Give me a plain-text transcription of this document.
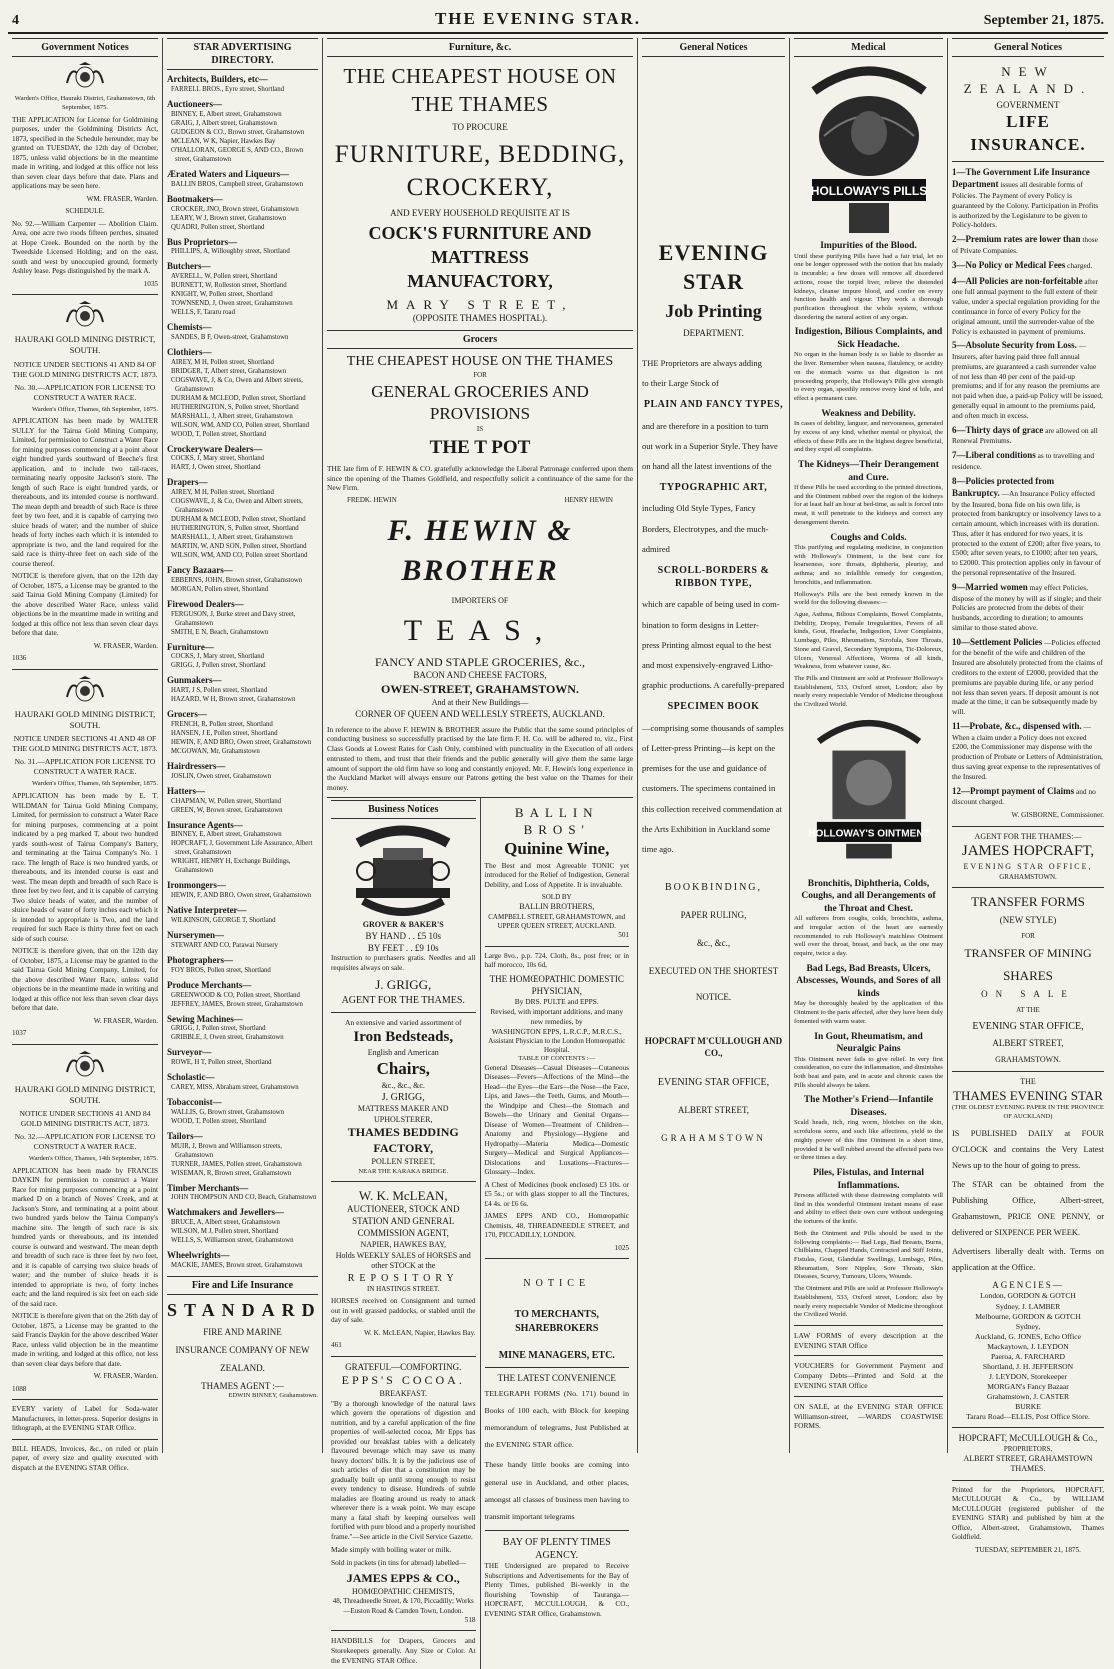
4	THE EVENING STAR.	September 21, 1875.
Government Notices

Warden's Office, Hauraki District, Grahamstown, 6th September, 1875.

THE APPLICATION for License for Goldmining purposes, under the Goldmining Districts Act, 1873, specified in the Schedule hereunder, may be granted on TUESDAY, the 12th day of October, 1875, unless valid objections be in the meantime made in writing, and lodged at this office not less than seven clear days before that date. Plans and applications may be seen here.

WM. FRASER, Warden.

SCHEDULE.

No. 92.—William Carpenter — Abolition Claim. Area, one acre two roods fifteen perches, situated at Hope Creek. Bounded on the north by the Tweedside Licensed Holding; and on the east, south and west by unoccupied ground, formerly Ashley lease. Pegs distinguished by the mark A.

1035

HAURAKI GOLD MINING DISTRICT, SOUTH.

NOTICE UNDER SECTIONS 41 AND 84 OF THE GOLD MINING DISTRICTS ACT, 1873.

No. 30.—APPLICATION FOR LICENSE TO CONSTRUCT A WATER RACE.

Warden's Office, Thames, 6th September, 1875.

APPLICATION has been made by WALTER SULLY for the Tairua Gold Mining Company, Limited, for permission to Construct a Water Race for mining purposes commencing at a point about eight hundred yards southward of Beeche's first application, and to include two tail-races, terminating nearly opposite Jackson's store. The length of such Race is eight hundred yards, or thereabouts, and its intended course is northward. The mean depth and breadth of such Race is three feet by two feet, and it is capable of carrying two sluice heads of water; and the number of sluice heads of forty inches each which it is intended to appropriate is two, and the land required for the said race is thirty-three feet on each side of the course thereof.

NOTICE is therefore given, that on the 12th day of October, 1875, a License may be granted to the said Tairua Gold Mining Company (Limited) for the above described Water Race, unless valid objections be in the meantime made in writing and lodged at this office not less than seven clear days before that date.

W. FRASER, Warden.

1036

HAURAKI GOLD MINING DISTRICT, SOUTH.

NOTICE UNDER SECTIONS 41 AND 48 OF THE GOLD MINING DISTRICTS ACT, 1873.

No. 31.—APPLICATION FOR LICENSE TO CONSTRUCT A WATER RACE.

Warden's Office, Thames, 6th September, 1875.

APPLICATION has been made by E. T. WILDMAN for Tairua Gold Mining Company, Limited, for permission to construct a Water Race for mining purposes, commencing at a point indicated by a peg marked T, about two hundred yards south-west of Tairua Company's Battery, and terminating at the Tairua Company's No. 1 race. The length of Race is two hundred yards, or thereabouts, and its intended course is east and west. The mean depth and breadth of such Race is three feet by two feet, and it is capable of carrying Two sluice heads of water, and the number of sluice heads of water of forty inches each which it is intended to appropriate is Two, and the land required for such Race is thirty three feet on each side of such course.

NOTICE is therefore given, that on the 12th day of October, 1875, a License may be granted to the said Tairua Gold Mining Company, Limited, for the above described Water Race, unless valid objections be in the meantime made in writing and lodged at this office not less than seven clear days before that date.

W. FRASER, Warden.

1037

HAURAKI GOLD MINING DISTRICT, SOUTH.

NOTICE UNDER SECTIONS 41 AND 84 GOLD MINING DISTRICTS ACT, 1873.

No. 32.—APPLICATION FOR LICENSE TO CONSTRUCT A WATER RACE.

Warden's Office, Thames, 14th September, 1875.

APPLICATION has been made by FRANCIS DAYKIN for permission to construct a Water Race for mining purposes commencing at a point marked D on a branch of Noves' Creek, and at Jackson's Store, and terminating at a point about two hundred yards below the Tairua Company's machine site. The length of such race is six hundred yards or thereabouts, and its intended course is outward and westward. The mean depth and breadth of such race is three feet by two feet, and it is capable of carrying two sluice heads of water; and the number of sluice heads it is intended to appropriate is two, of forty inches each; and the land required is six feet on each side of the said race.

NOTICE is therefore given that on the 26th day of October, 1875, a License may be granted to the said Francis Daykin for the above described Water Race, unless valid objection be in the meantime made in writing, and lodged at this office, not less than seven clear days before that date.

W. FRASER, Warden.

1088

EVERY variety of Label for Soda-water Manufacturers, in letter-press. Superior designs in lithograph, at the EVENING STAR Office.

BILL HEADS, Invoices, &c., on ruled or plain paper, of every size and quality executed with dispatch at the EVENING STAR Office.

STAR ADVERTISING DIRECTORY.
Architects, Builders, etc—
FARRELL BROS., Eyre street, Shortland
Auctioneers—
BINNEY, E, Albert street, Grahamstown
GRAIG, J, Albert street, Grahamstown
GUDGEON & CO., Brown street, Grahamstown
MCLEAN, W K, Napier, Hawkes Bay
O'HALLORAN, GEORGE S, AND CO., Brown street, Grahamstown
Ærated Waters and Liqueurs—
BALLIN BROS, Campbell street, Grahamstown
Bootmakers—
CROCKER, JNO, Brown street, Grahamstown
LEARY, W J, Brown street, Grahamstown
QUADRI, Pollen street, Shortland
Bus Proprietors—
PHILLIPS, A, Willoughby street, Shortland
Butchers—
AVERELL, W, Pollen street, Shortland
BURNETT, W, Rolleston street, Shortland
KNIGHT, W, Pollen street, Shortland
TOWNSEND, J, Owen street, Grahamstown
WELLS, F, Tararu road
Chemists—
SANDES, B F, Owen-street, Grahamstown
Clothiers—
AIREY, M H, Pollen street, Shortland
BRIDGER, T, Albert street, Grahamstown
COGSWAVE, J, & Co, Owen and Albert streets, Grahamstown
DURHAM & MCLEOD, Pollen street, Shortland
HUTHERINGTON, S, Pollen street, Shortland
MARSHALL, J, Albert street, Grahamstown
WILSON, WM, AND CO, Pollen street, Shortland
WOOD, T, Pollen street, Shortland
Crockeryware Dealers—
COCKS, J, Mary street, Shortland
HART, J, Owen street, Shortland
Drapers—
AIREY, M H, Pollen street, Shortland
COGSWAVE, J, & Co, Owen and Albert streets, Grahamstown
DURHAM & MCLEOD, Pollen street, Shortland
HUTHERINGTON, S, Pollen street, Shortland
MARSHALL, J, Albert street, Grahamstown
MARTIN, W, AND SON, Pollen street, Shortland
WILSON, WM, AND CO, Pollen street Shortland
Fancy Bazaars—
EBBERNS, JOHN, Brown street, Grahamstown
MORGAN, Pollen street, Shortland
Firewood Dealers—
FERGUSON, J, Burke street and Davy street, Grahamstown
SMITH, E N, Beach, Grahamstown
Furniture—
COCKS, J, Mary street, Shortland
GRIGG, J, Pollen street, Shortland
Gunmakers—
HART, J S, Pollen street, Shortland
HAZARD, W H, Brown street, Grahamstown
Grocers—
FRENCH, R, Pollen street, Shortland
HANSEN, J E, Pollen street, Shortland
HEWIN, F, AND BRO, Owen street, Grahamstown
MCGOWAN, Mr, Grahamstown
Hairdressers—
JOSLIN, Owen street, Grahamstown
Hatters—
CHAPMAN, W, Pollen street, Shortland
GREEN, W, Brown street, Grahamstown
Insurance Agents—
BINNEY, E, Albert street, Grahamstown
HOPCRAFT, J, Government Life Assurance, Albert street, Grahamstown
WRIGHT, HENRY H, Exchange Buildings, Grahamstown
Ironmongers—
HEWIN, F, AND BRO, Owen street, Grahamstown
Native Interpreter—
WILKINSON, GEORGE T, Shortland
Nurserymen—
STEWART AND CO, Parawai Nursery
Photographers—
FOY BROS, Pollen street, Shortland
Produce Merchants—
GREENWOOD & CO, Pollen street, Shortland
JEFFREY, JAMES, Brown street, Grahamstown
Sewing Machines—
GRIGG, J, Pollen street, Shortland
GRIBBLE, J, Owen street, Grahamstown
Surveyor—
ROWE, H T, Pollen street, Shortland
Scholastic—
CAREY, MISS, Abraham street, Grahamstown
Tobacconist—
WALLIS, G, Brown street, Grahamstown
WOOD, T, Pollen street, Shortland
Tailors—
MUIR, J, Brown and Williamson streets, Grahamstown
TURNER, JAMES, Pollen street, Grahamstown
WISEMAN, R, Brown street, Grahamstown
Timber Merchants—
JOHN THOMPSON AND CO, Beach, Grahamstown
Watchmakers and Jewellers—
BRUCE, A, Albert street, Grahamstown
WILSON, M J, Pollen street, Shortland
WELLS, S, Williamson street, Grahamstown
Wheelwrights—
MACKIE, JAMES, Brown street, Grahamstown
Fire and Life Insurance
STANDARD
FIRE AND MARINE
INSURANCE COMPANY OF NEW
ZEALAND.
THAMES AGENT :—
EDWIN BINNEY, Grahamstown.
Furniture, &c.
THE CHEAPEST HOUSE ON THE THAMES
TO PROCURE
FURNITURE, BEDDING, CROCKERY,
AND EVERY HOUSEHOLD REQUISITE AT IS
COCK'S FURNITURE AND MATTRESS
MANUFACTORY,
MARY STREET,
(OPPOSITE THAMES HOSPITAL).
Grocers
THE CHEAPEST HOUSE ON THE THAMES
FOR
GENERAL GROCERIES AND PROVISIONS
IS
THE T POT

THE late firm of F. HEWIN & CO. gratefully acknowledge the Liberal Patronage conferred upon them since the opening of the Thames Goldfield, and respectfully solicit a continuance of the same for the New Firm.

FREDK. HEWIN	HENRY HEWIN
F. HEWIN & BROTHER
IMPORTERS OF
TEAS,
FANCY AND STAPLE GROCERIES, &c.,
BACON AND CHEESE FACTORS,
OWEN-STREET, GRAHAMSTOWN.
And at their New Buildings—
CORNER OF QUEEN AND WELLESLY STREETS, AUCKLAND.

In reference to the above F. HEWIN & BROTHER assure the Public that the same sound principles of conducting business so successfully practised by the late firm F. H. Co. will be adhered to, viz., First Class Goods at Lowest Rates for Cash Only, combined with punctuality in the Execution of all orders entrusted to them, and trust that their friends and the public generally will give them the same large amount of support the old firm have so long and constantly enjoyed. Mr. F. Hewin's long experience in the Auckland Market will always ensure our Patrons getting the best value on the Thames for their money.

Business Notices
GROVER & BAKER'S
BY HAND . . £5 10s
BY FEET . . £9 10s

Instruction to purchasers gratis. Needles and all requisites always on sale.

J. GRIGG,
AGENT FOR THE THAMES.
An extensive and varied assortment of
Iron Bedsteads,
English and American
Chairs,
&c., &c., &c.
J. GRIGG,
MATTRESS MAKER AND UPHOLSTERER,
THAMES BEDDING FACTORY,
POLLEN STREET,
NEAR THE KARAKA BRIDGE.
W. K. McLEAN,
AUCTIONEER, STOCK AND STATION AND GENERAL COMMISSION AGENT,
NAPIER, HAWKES BAY,
Holds WEEKLY SALES of HORSES and other STOCK at the
REPOSITORY
IN HASTINGS STREET.

HORSES received on Consignment and turned out in well grassed paddocks, or stabled until the day of sale.

W. K. McLEAN, Napier, Hawkes Bay.

461

GRATEFUL—COMFORTING.
EPPS'S COCOA.
BREAKFAST.

"By a thorough knowledge of the natural laws which govern the operations of digestion and nutrition, and by a careful application of the fine properties of well-selected cocoa, Mr Epps has provided our breakfast tables with a delicately flavoured beverage which may save us many heavy doctors' bills. It is by the judicious use of such articles of diet that a constitution may be gradually built up until strong enough to resist every tendency to disease. Hundreds of subtle maladies are floating around us ready to attack wherever there is a weak point. We may escape many a fatal shaft by keeping ourselves well fortified with pure blood and a properly nourished frame."—See article in the Civil Service Gazette.

Made simply with boiling water or milk.

Sold in packets (in tins for abroad) labelled—

JAMES EPPS & CO.,
HOMŒOPATHIC CHEMISTS,
48, Threadneedle Street, & 170, Piccadilly; Works—Euston Road & Camden Town, London.

518

HANDBILLS for Drapers, Grocers and Storekeepers generally. Any Size or Color. At the EVENING STAR Office.

BALLIN BROS'
Quinine Wine,

The Best and most Agreeable TONIC yet introduced for the Relief of Indigestion, General Debility, and Loss of Appetite. It is invaluable.

SOLD BY
BALLIN BROTHERS,
CAMPBELL STREET, GRAHAMSTOWN, and UPPER QUEEN STREET, AUCKLAND.

501

Large 8vo., p.p. 724. Cloth, 8s., post free; or in half morocco, 10s 6d,

THE HOMŒOPATHIC DOMESTIC PHYSICIAN,
By DRS. PULTE and EPPS.
Revised, with important additions, and many new remedies, by
WASHINGTON EPPS, L.R.C.P., M.R.C.S.,
Assistant Physician to the London Homœopathic Hospital.
TABLE OF CONTENTS :—

General Diseases—Casual Diseases—Cutaneous Diseases—Fevers—Affections of the Mind—the Head—the Eyes—the Ears—the Nose—the Face, Lips, and Jaws—the Teeth, Gums, and Mouth—the Windpipe and Chest—the Stomach and Bowels—the Urinary and Genital Organs—Disease of Women—Treatment of Children—Anatomy and Physiology—Hygiene and Hydropathy—Materia Medica—Domestic Surgery—Medical and Surgical Appliances—Dislocations and Luxations—Fractures—Glossary—Index.

A Chest of Medicines (book enclosed) £3 10s. or £5 5s.; or with glass stopper to all the Tinctures, £4 4s. or £6 6s.

JAMES EPPS AND CO., Homœopathic Chemists, 48, THREADNEEDLE STREET, and 170, PICCADILLY, LONDON.

1025

NOTICE
TO MERCHANTS, SHAREBROKERS
MINE MANAGERS, ETC.
THE LATEST CONVENIENCE

TELEGRAPH FORMS (No. 171) bound in Books of 100 each, with Block for keeping memorandum of telegrams, Just Published at the EVENING STAR office.

These handy little books are coming into general use in Auckland, and other places, amongst all classes of business men having to transmit important telegrams

BAY OF PLENTY TIMES AGENCY.

THE Undersigned are prepared to Receive Subscriptions and Advertisements for the Bay of Plenty Times, published Bi-weekly in the flourishing Township of Tauranga.—HOPCRAFT, MCCULLOUGH, & CO., EVENING STAR Office, Grahamstown.

General Notices
EVENING STAR
Job Printing
DEPARTMENT.
THE Proprietors are always adding
to their Large Stock of
PLAIN AND FANCY TYPES,
and are therefore in a position to turn
out work in a Superior Style. They have
on hand all the latest inventions of the
TYPOGRAPHIC ART,
including Old Style Types, Fancy
Borders, Electrotypes, and the much-
admired
SCROLL-BORDERS & RIBBON TYPE,
which are capable of being used in com-
bination to form designs in Letter-
press Printing almost equal to the best
and most expensively-engraved Litho-
graphic productions. A carefully-prepared
SPECIMEN BOOK
—comprising some thousands of samples
of Letter-press Printing—is kept on the
premises for the use and guidance of
customers. The specimens contained in
this collection received commendation at
the Arts Exhibition in Auckland some
time ago.
BOOKBINDING,
PAPER RULING,
&c., &c.,
EXECUTED ON THE SHORTEST
NOTICE.
HOPCRAFT M'CULLOUGH AND CO.,
EVENING STAR OFFICE,
ALBERT STREET,
GRAHAMSTOWN
Medical
HOLLOWAY'S PILLS
Impurities of the Blood.

Until these purifying Pills have had a fair trial, let no one be longer oppressed with the notion that his malady is incurable; a few doses will remove all disordered actions, rouse the torpid liver, relieve the distended kidneys, cleanse impure blood, and confer on every function health and vigour. They work a thorough purification throughout the whole system, without disordering the natural action of any organ.

Indigestion, Bilious Complaints, and Sick Headache.

No organ in the human body is so liable to disorder as the liver. Remember when nausea, flatulency, or acidity on the stomach warns us that digestion is not proceeding properly, that Holloway's Pills give strength to every organ, speedily remove every kind of bile, and effect a permanent cure.

Weakness and Debility.

In cases of debility, languor, and nervousness, generated by excess of any kind, whether mental or physical, the effects of these Pills are in the highest degree beneficial, and they expel all complaints.

The Kidneys—Their Derangement and Cure.

If these Pills be used according to the printed directions, and the Ointment rubbed over the region of the kidneys for at least half an hour at bed-time, as salt is forced into meat, it will penetrate to the kidneys and correct any derangement therein.

Coughs and Colds.

This purifying and regulating medicine, in conjunction with Holloway's Ointment, is the best cure for hoarseness, sore throats, diphtheria, pleurisy, and asthma; and no infallible remedy for congestion, bronchitis, and inflammation.

Holloway's Pills are the best remedy known in the world for the following diseases:—

Ague, Asthma, Bilious Complaints, Bowel Complaints, Debility, Dropsy, Female Irregularities, Fevers of all kinds, Gout, Headache, Indigestion, Liver Complaints, Lumbago, Piles, Rheumatism, Scrofula, Sore Throats, Stone and Gravel, Secondary Symptoms, Tic-Doloreux, Ulcers, Venereal Affections, Worms of all kinds, Weakness, from whatever cause, &c.

The Pills and Ointment are sold at Professor Holloway's Establishment, 533, Oxford street, London; also by nearly every respectable Vendor of Medicine throughout the Civilized World.

HOLLOWAY'S OINTMENT
Bronchitis, Diphtheria, Colds, Coughs, and all Derangements of the Throat and Chest.

All sufferers from coughs, colds, bronchitis, asthma, and irregular action of the heart are earnestly recommended to rub Holloway's matchless Ointment well over the throat, breast, and back, as the one may require, twice a day.

Bad Legs, Bad Breasts, Ulcers, Abscesses, Wounds, and Sores of all kinds

May be thoroughly healed by the application of this Ointment to the parts affected, after they have been duly fomented with warm water.

In Gout, Rheumatism, and Neuralgic Pains

This Ointment never fails to give relief. In very first consideration, no cure the inflammation, and diminishes both heat and pain, and in acute and chronic cases the Pills should always be taken.

The Mother's Friend—Infantile Diseases.

Scald heads, itch, ring worm, blotches on the skin, scrofulous sores, and such like affections, yield to the mighty power of this fine Ointment in a short time, provided it be well rubbed around the affected parts two or three times a day.

Piles, Fistulas, and Internal Inflammations.

Persons afflicted with these distressing complaints will find in this wonderful Ointment instant means of ease and ability to effect their own cure without undergoing the tortures of the knife.

Both the Ointment and Pills should be used in the following complaints:— Bad Legs, Bad Breasts, Burns, Chilblains, Chapped Hands, Contracted and Stiff Joints, Fistulas, Gout, Glandular Swellings, Lumbago, Piles, Rheumatism, Sore Nipples, Sore Throats, Skin Diseases, Scurvy, Tumours, Ulcers, Wounds.

The Ointment and Pills are sold at Professor Holloway's Establishment, 533, Oxford street, London; also by nearly every respectable Vendor of Medicine throughout the Civilized World.

LAW FORMS of every description at the EVENING STAR Office

VOUCHERS for Government Payment and Company Debts—Printed and Sold at the EVENING STAR Office

ON SALE, at the EVENING STAR OFFICE Williamson-street, —WARDS COASTWISE FORMS.

General Notices
NEW ZEALAND.
GOVERNMENT
LIFE INSURANCE.
1—The Government Life Insurance Department issues all desirable forms of Policies. The Payment of every Policy is guaranteed by the Colony. Participation in Profits is authorized by the Legislature to be given to Policy-holders.
2—Premium rates are lower than those of Private Companies.
3—No Policy or Medical Fees charged.
4—All Policies are non-forfeitable after one full annual payment to the full extent of their value, under a special regulation providing for the continuance in force of every Policy for the original amount, until the surrender-value of the Policy is exhausted in payment of premiums.
5—Absolute Security from Loss. —Insurers, after having paid three full annual premiums, are guaranteed a cash surrender value of not less than 40 per cent of the paid-up premiums; and if for any reason the premiums are not paid when due, a paid-up Policy will be issued, generally equal in amount to the premiums paid, and often much in excess.
6—Thirty days of grace are allowed on all Renewal Premiums.
7—Liberal conditions as to travelling and residence.
8—Policies protected from Bankruptcy. —An Insurance Policy effected by the Insured, bona fide on his own life, is protected from bankruptcy or insolvency laws to a certain amount, which increases with its duration. Thus, after it has endured for two years, it is protected to the extent of £200; after five years, to £500; after seven years, to £1000; after ten years, to £2000. This protection applies only in favour of the personal representative of the Insured.
9—Married women may effect Policies, dispose of the money by will as if single; and their Policies are protected from the debts of their husbands, according to duration; to amounts similar to those stated above.
10—Settlement Policies —Policies effected for the benefit of the wife and children of the Insured are absolutely protected from the claims of creditors to the extent of £2000, provided that the premiums are payable during life, or any period not less than seven years. If deposit amount is not made at the time, it can be subsequently made by will.
11—Probate, &c., dispensed with. —When a claim under a Policy does not exceed £200, the Commissioner may dispense with the production of Probate or Letters of Administration, thus saving great expense to the representatives of the Insured.
12—Prompt payment of Claims and no discount charged.

W. GISBORNE, Commissioner.

AGENT FOR THE THAMES:—
JAMES HOPCRAFT,
EVENING STAR OFFICE,
GRAHAMSTOWN.
TRANSFER FORMS
(NEW STYLE)
FOR
TRANSFER OF MINING
SHARES
ON SALE
AT THE
EVENING STAR OFFICE,
ALBERT STREET,
GRAHAMSTOWN.
THE
THAMES EVENING STAR
(THE OLDEST EVENING PAPER IN THE PROVINCE OF AUCKLAND)

IS PUBLISHED DAILY at FOUR O'CLOCK and contains the Very Latest News up to the hour of going to press.

The STAR can be obtained from the Publishing Office, Albert-street, Grahamstown, PRICE ONE PENNY, or delivered or SIXPENCE PER WEEK.

Advertisers liberally dealt with. Terms on application at the Office.

AGENCIES—
London, GORDON & GOTCH
Sydney, J. LAMBER
Melbourne, GORDON & GOTCH
Sydney,
Auckland, G. JONES, Echo Office
Mackaytown, J. LEYDON
Paeroa, A. FARCHARD
Shortland, J. H. JEFFERSON
J. LEYDON, Storekeeper
MORGAN's Fancy Bazaar
Grahamstown, J. CASTER
BURKE
Tararu Road—ELLIS, Post Office Store.
HOPCRAFT, McCULLOUGH & Co.,
PROPRIETORS,
ALBERT STREET, GRAHAMSTOWN THAMES.

Printed for the Proprietors, HOPCRAFT, McCULLOUGH & Co., by WILLIAM McCULLOUGH (registered publisher of the EVENING STAR) and published by him at the Office, Albert-street, Grahamstown, Thames Goldfield.

TUESDAY, SEPTEMBER 21, 1875.
